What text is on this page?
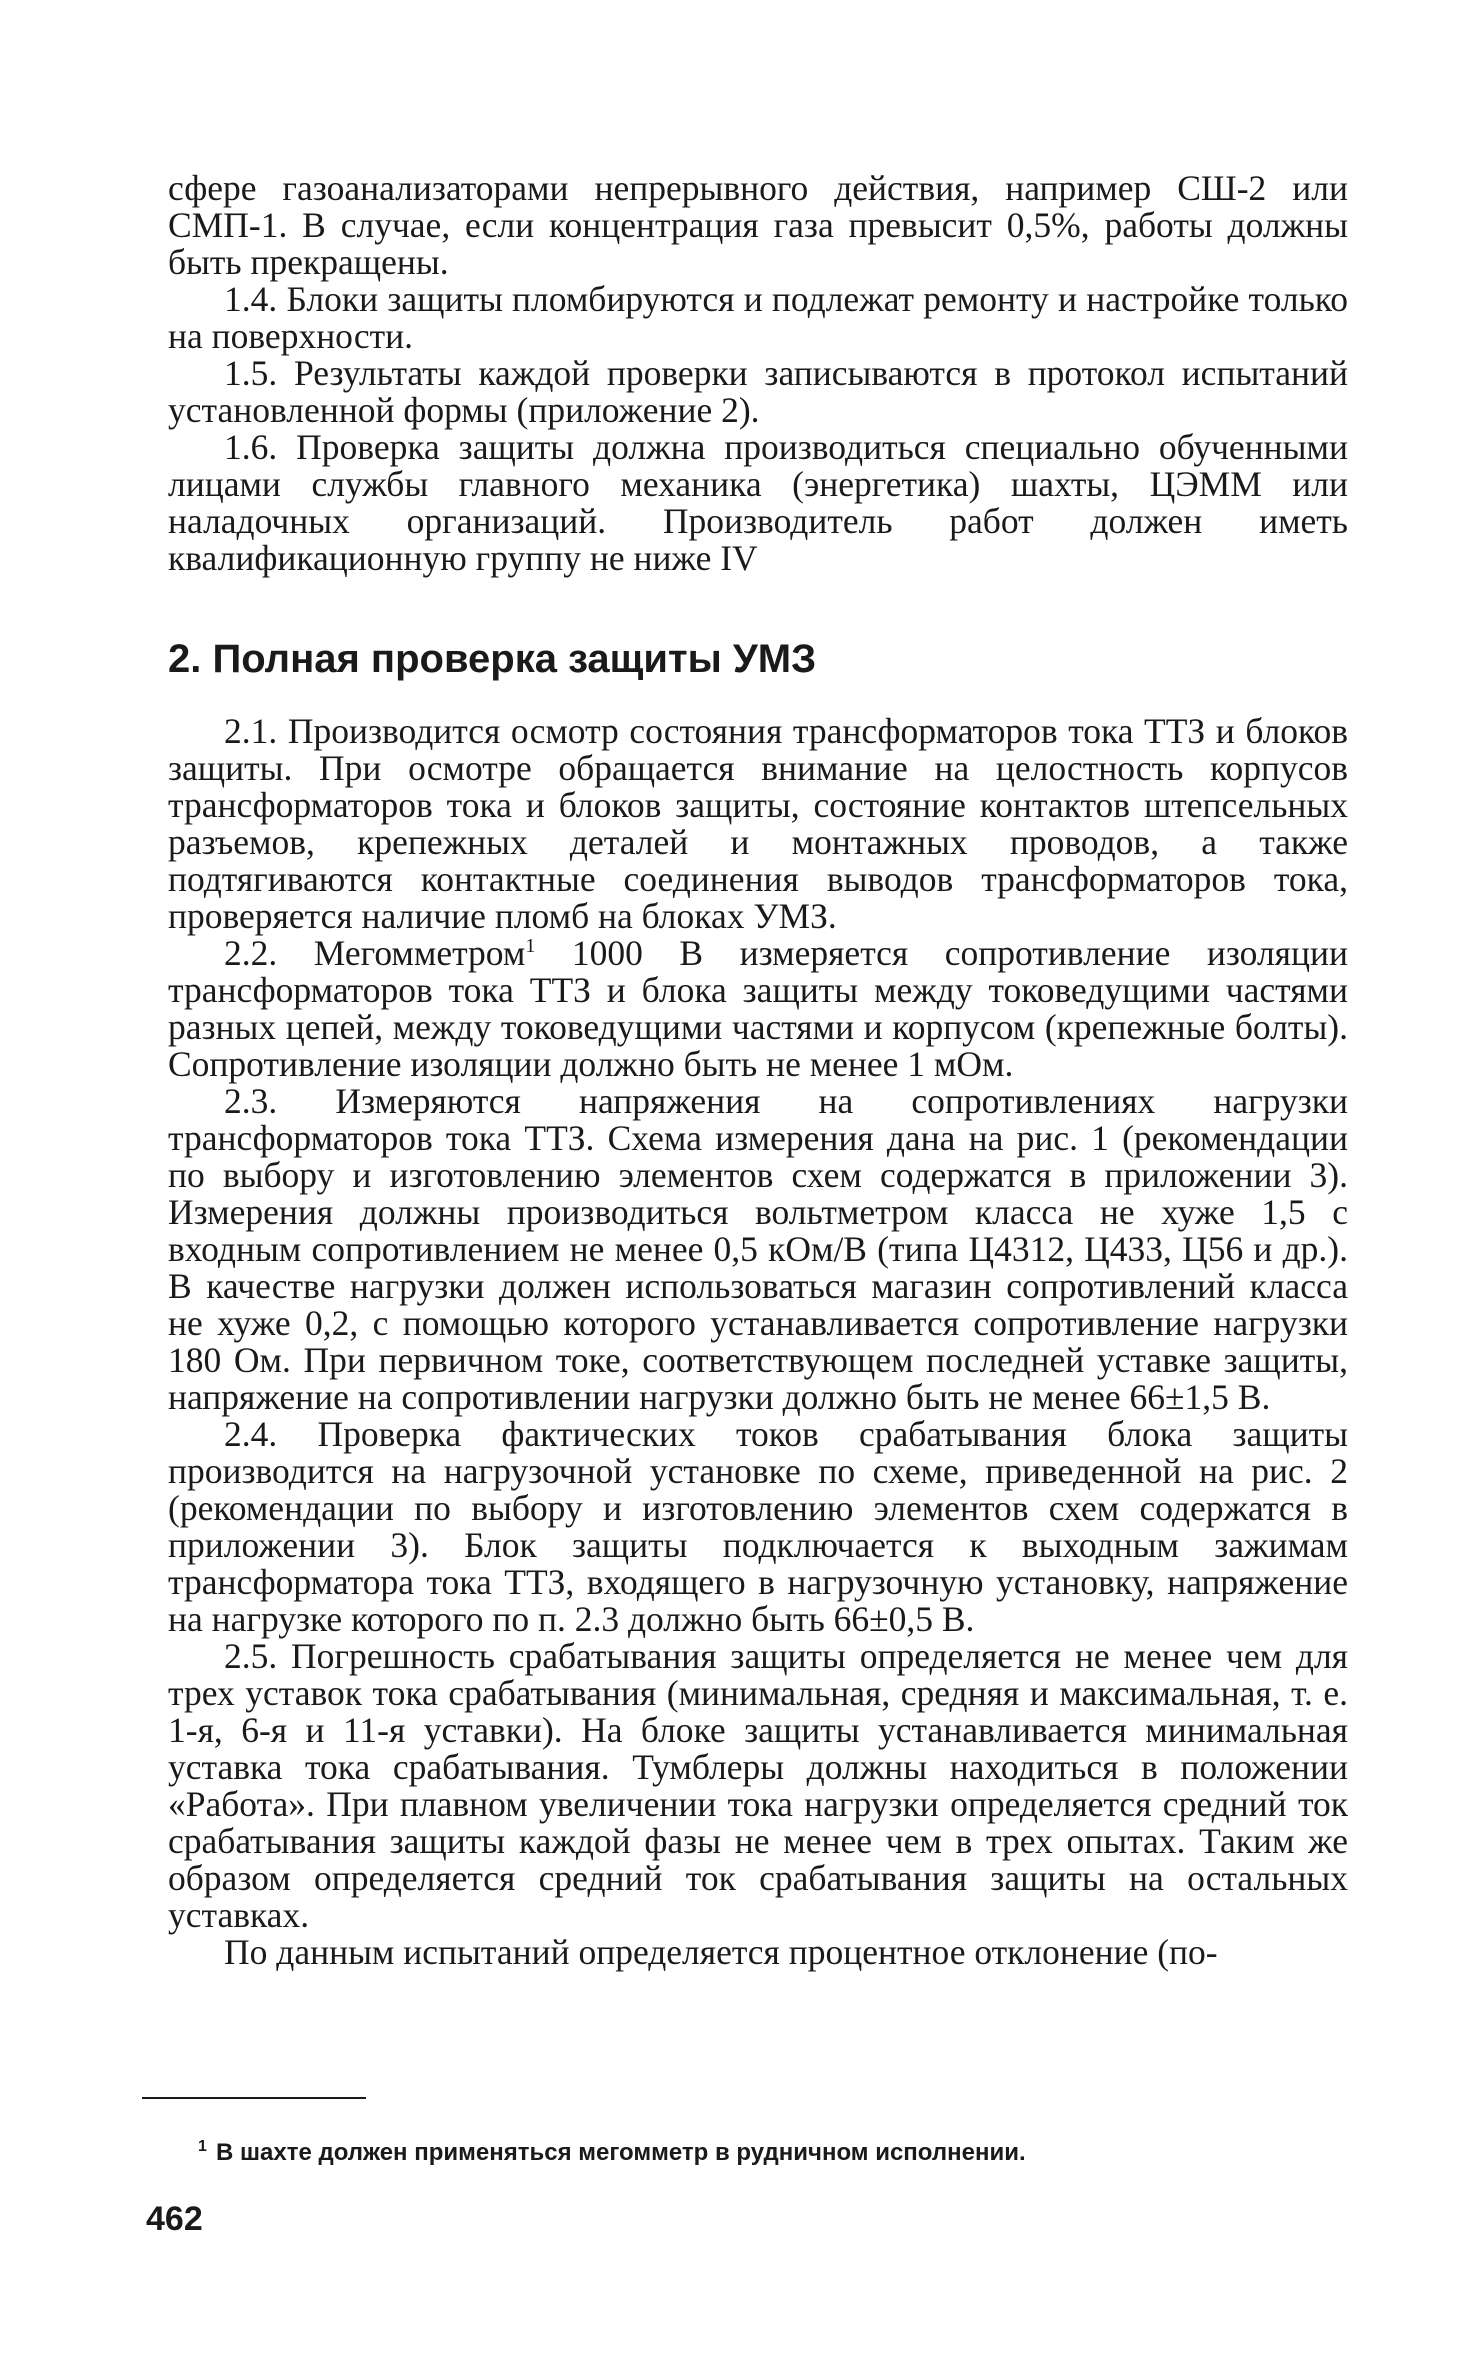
сфере газоанализаторами непрерывного действия, например СШ-2 или СМП-1. В случае, если концентрация газа превысит 0,5%, работы должны быть прекращены.

1.4. Блоки защиты пломбируются и подлежат ремонту и настройке только на поверхности.

1.5. Результаты каждой проверки записываются в протокол испытаний установленной формы (приложение 2).

1.6. Проверка защиты должна производиться специально обученными лицами службы главного механика (энергетика) шахты, ЦЭММ или наладочных организаций. Производитель работ должен иметь квалификационную группу не ниже IV

2. Полная проверка защиты УМЗ

2.1. Производится осмотр состояния трансформаторов тока ТТЗ и блоков защиты. При осмотре обращается внимание на целостность корпусов трансформаторов тока и блоков защиты, состояние контактов штепсельных разъемов, крепежных деталей и монтажных проводов, а также подтягиваются контактные соединения выводов трансформаторов тока, проверяется наличие пломб на блоках УМЗ.

2.2. Мегомметром$^1$ 1000 В измеряется сопротивление изоляции трансформаторов тока ТТЗ и блока защиты между токоведущими частями разных цепей, между токоведущими частями и корпусом (крепежные болты). Сопротивление изоляции должно быть не менее 1 мОм.

2.3. Измеряются напряжения на сопротивлениях нагрузки трансформаторов тока ТТЗ. Схема измерения дана на рис. 1 (рекомендации по выбору и изготовлению элементов схем содержатся в приложении 3). Измерения должны производиться вольтметром класса не хуже 1,5 с входным сопротивлением не менее 0,5 кОм/В (типа Ц4312, Ц433, Ц56 и др.). В качестве нагрузки должен использоваться магазин сопротивлений класса не хуже 0,2, с помощью которого устанавливается сопротивление нагрузки 180 Ом. При первичном токе, соответствующем последней уставке защиты, напряжение на сопротивлении нагрузки должно быть не менее 66±1,5 В.

2.4. Проверка фактических токов срабатывания блока защиты производится на нагрузочной установке по схеме, приведенной на рис. 2 (рекомендации по выбору и изготовлению элементов схем содержатся в приложении 3). Блок защиты подключается к выходным зажимам трансформатора тока ТТЗ, входящего в нагрузочную установку, напряжение на нагрузке которого по п. 2.3 должно быть 66±0,5 В.

2.5. Погрешность срабатывания защиты определяется не менее чем для трех уставок тока срабатывания (минимальная, средняя и максимальная, т. е. 1-я, 6-я и 11-я уставки). На блоке защиты устанавливается минимальная уставка тока срабатывания. Тумблеры должны находиться в положении «Работа». При плавном увеличении тока нагрузки определяется средний ток срабатывания защиты каждой фазы не менее чем в трех опытах. Таким же образом определяется средний ток срабатывания защиты на остальных уставках.

По данным испытаний определяется процентное отклонение (по-

1 В шахте должен применяться мегомметр в рудничном исполнении.
462
